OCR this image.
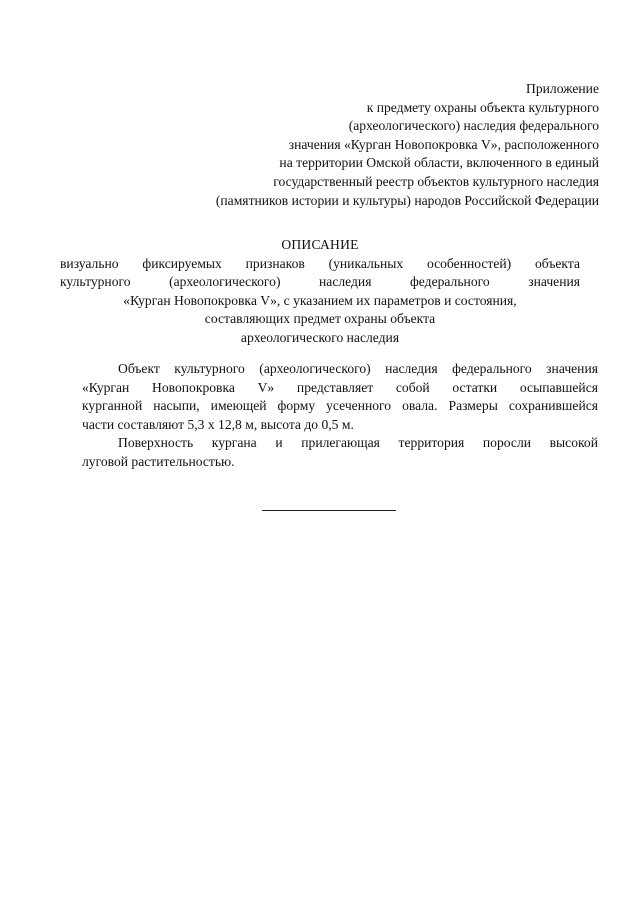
Приложение
к предмету охраны объекта культурного
(археологического) наследия федерального
значения «Курган Новопокровка V», расположенного
на территории Омской области, включенного в единый
государственный реестр объектов культурного наследия
(памятников истории и культуры) народов Российской Федерации
ОПИСАНИЕ
визуально фиксируемых признаков (уникальных особенностей) объекта
культурного (археологического) наследия федерального значения
«Курган Новопокровка V», с указанием их параметров и состояния,
составляющих предмет охраны объекта
археологического наследия
Объект культурного (археологического) наследия федерального значения
«Курган Новопокровка V» представляет собой остатки осыпавшейся
курганной насыпи, имеющей форму усеченного овала. Размеры сохранившейся
части составляют 5,3 х 12,8 м, высота до 0,5 м.
Поверхность кургана и прилегающая территория поросли высокой
луговой растительностью.
